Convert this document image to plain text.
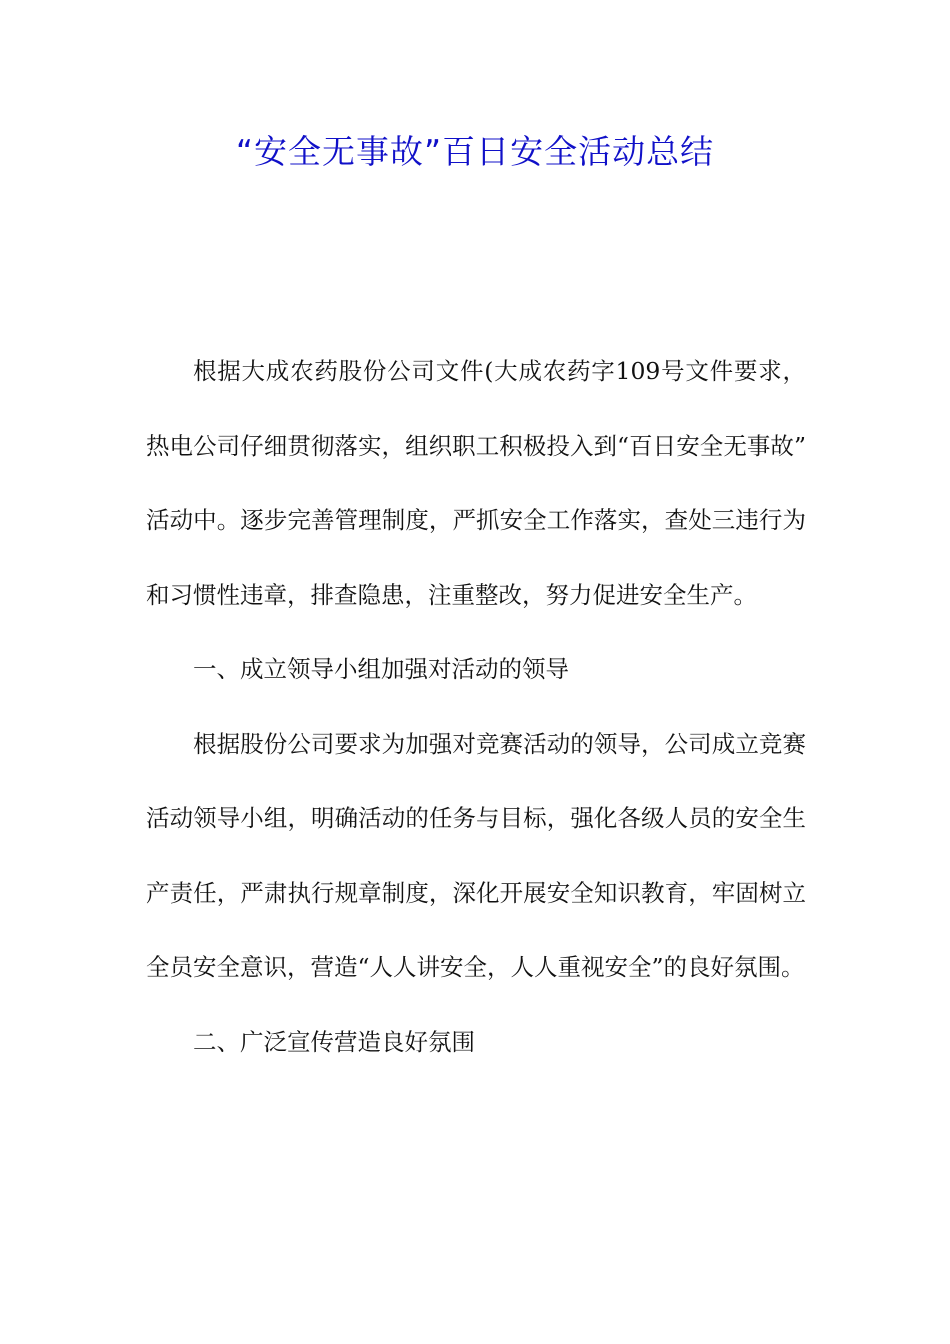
“安全无事故”百日安全活动总结

根据大成农药股份公司文件(大成农药字109号文件要求，热电公司仔细贯彻落实，组织职工积极投入到“百日安全无事故”活动中。逐步完善管理制度，严抓安全工作落实，查处三违行为和习惯性违章，排查隐患，注重整改，努力促进安全生产。

一、成立领导小组加强对活动的领导

根据股份公司要求为加强对竞赛活动的领导，公司成立竞赛活动领导小组，明确活动的任务与目标，强化各级人员的安全生产责任，严肃执行规章制度，深化开展安全知识教育，牢固树立全员安全意识，营造“人人讲安全，人人重视安全”的良好氛围。

二、广泛宣传营造良好氛围
